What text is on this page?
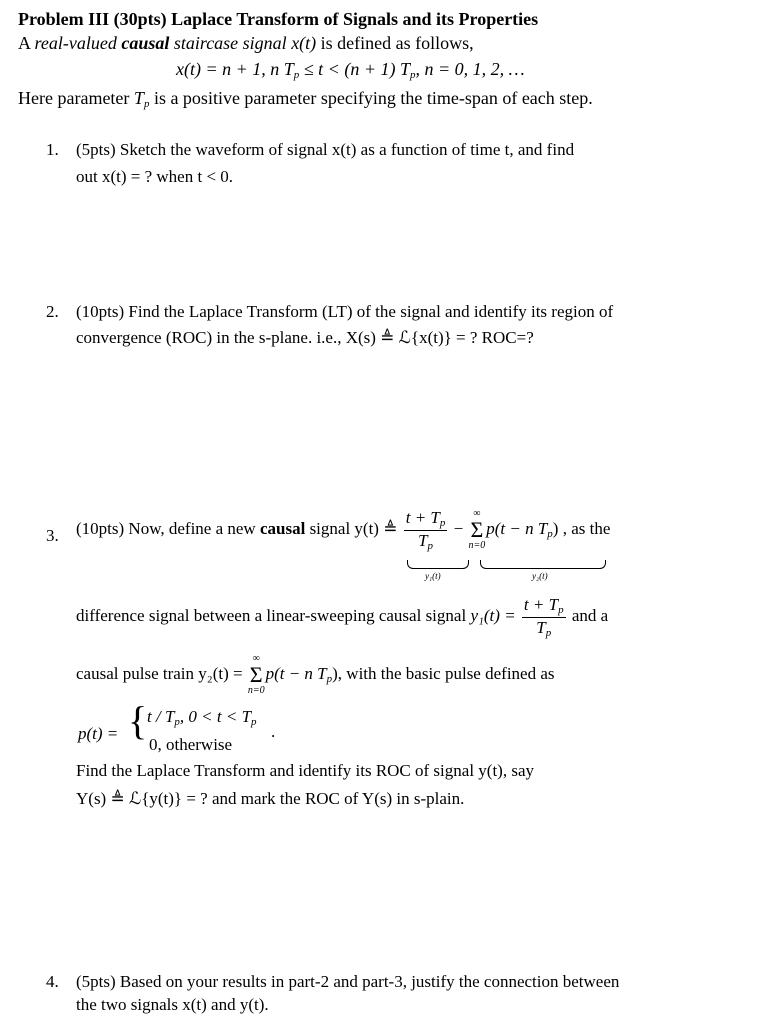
Problem III (30pts) Laplace Transform of Signals and its Properties
A real-valued causal staircase signal x(t) is defined as follows,
x(t) = n + 1, n $T_p \le t < (n + 1)$ $T_p$, n = 0, 1, 2, …
Here parameter $T_p$ is a positive parameter specifying the time-span of each step.
1. (5pts) Sketch the waveform of signal x(t) as a function of time t, and find
out x(t) = ? when t < 0.
2. (10pts) Find the Laplace Transform (LT) of the signal and identify its region of
convergence (ROC) in the s-plane. i.e., X(s) ≜ ℒ{x(t)} = ? ROC=?
3. (10pts) Now, define a new causal signal y(t) ≜ $\frac{t + T_p}{T_p}$ − ∞
Σ
n=0p(t − n $T_p$) , as the
y₁(t)	y₂(t)
difference signal between a linear-sweeping causal signal $y_1(t) = \frac{t + T_p}{T_p}$ and a
causal pulse train y₂(t) = ∞
Σ
n=0p(t − n $T_p$), with the basic pulse defined as
p(t) = { t / $T_p$, $0 < t < T_p$
0, otherwise
.
Find the Laplace Transform and identify its ROC of signal y(t), say
Y(s) ≜ ℒ{y(t)} = ? and mark the ROC of Y(s) in s-plain.
4. (5pts) Based on your results in part-2 and part-3, justify the connection between
the two signals x(t) and y(t).
